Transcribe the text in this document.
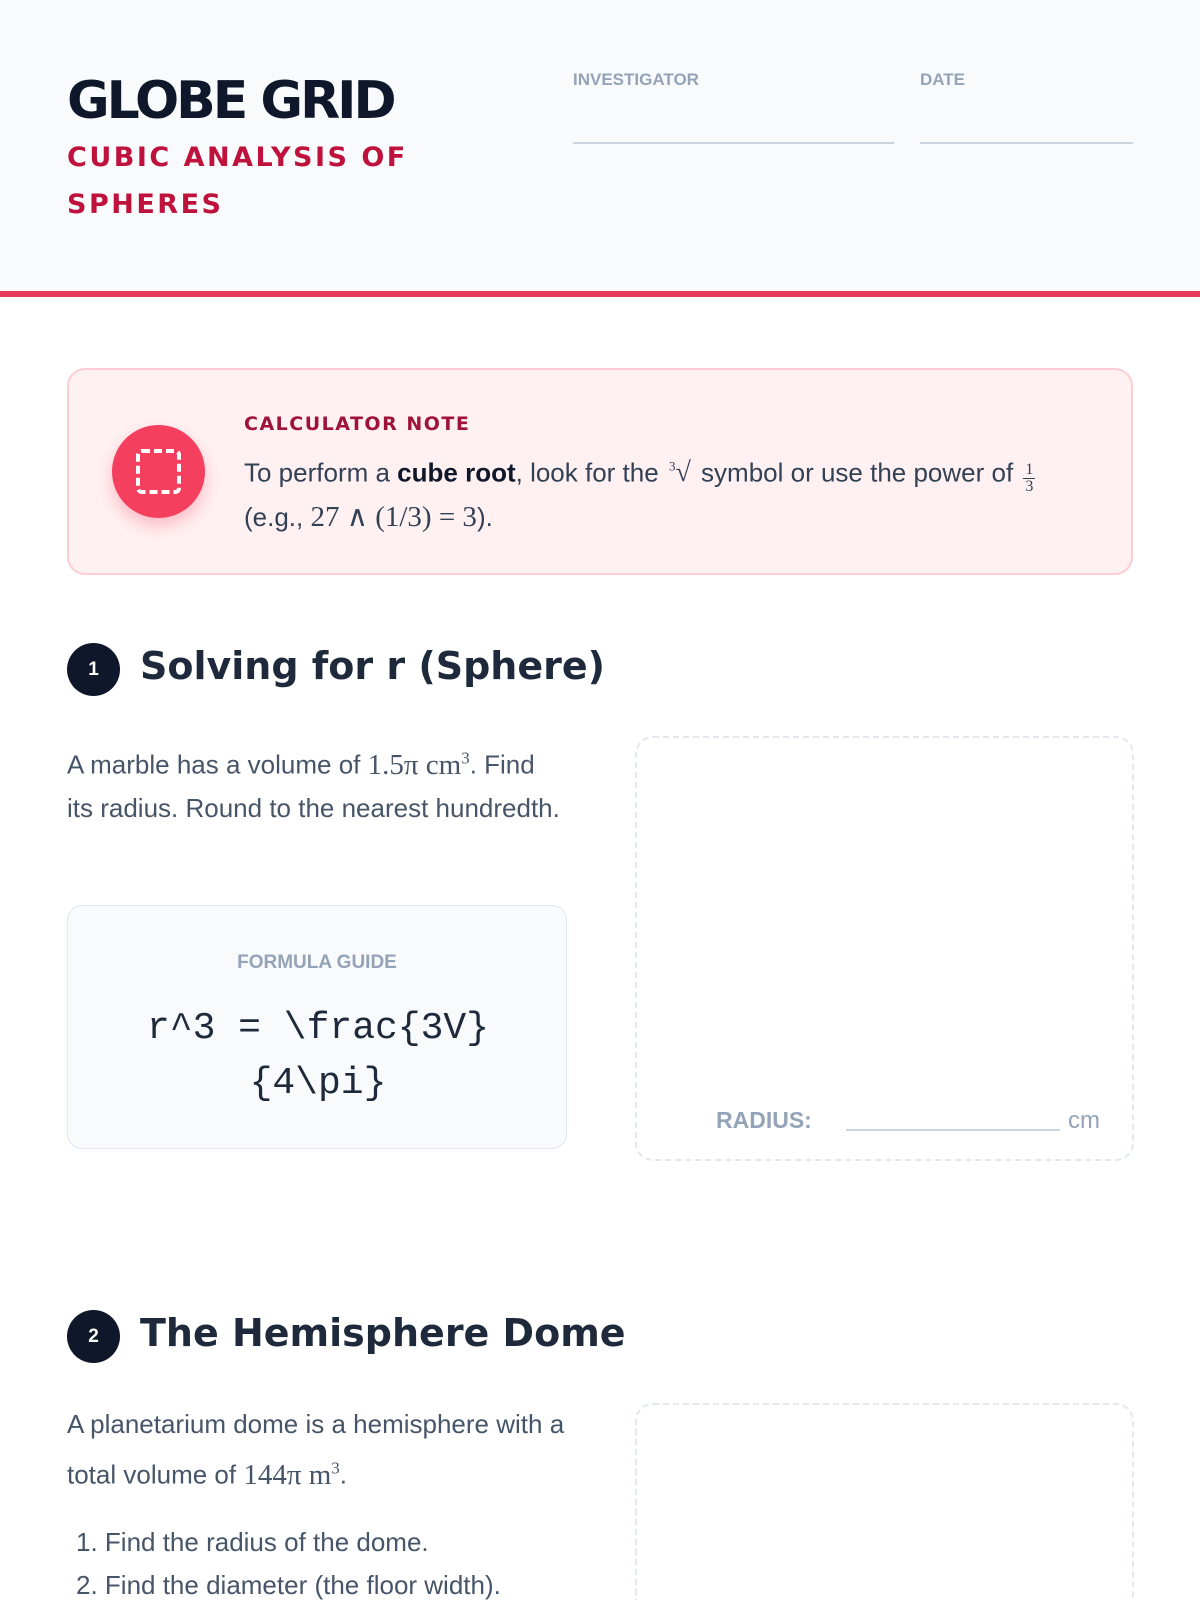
GLOBE GRID
CUBIC ANALYSIS OF SPHERES
INVESTIGATOR	DATE
CALCULATOR NOTE
To perform a cube root, look for the $^3$√ symbol or use the power of $\frac{1}{3}$
(e.g., 27 ∧ (1/3) = 3).
1	Solving for r (Sphere)
A marble has a volume of 1.5π $cm^3$. Find its radius. Round to the nearest hundredth.
FORMULA GUIDE
r^3 = \frac{3V}{4\pi}
RADIUS:	cm
2	The Hemisphere Dome
A planetarium dome is a hemisphere with a total volume of 144π $m^3$.
1. Find the radius of the dome.
2. Find the diameter (the floor width).
